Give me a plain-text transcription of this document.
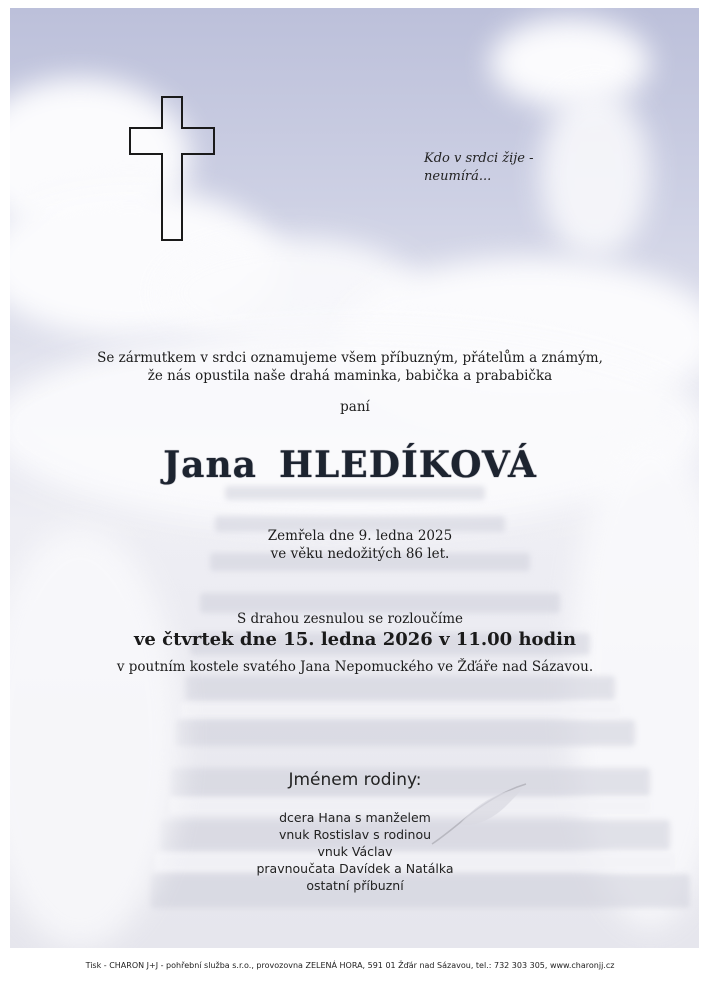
Kdo v srdci žije -
neumírá...
Se zármutkem v srdci oznamujeme všem příbuzným, přátelům a známým,
že nás opustila naše drahá maminka, babička a prababička
paní
Jana HLEDÍKOVÁ
Zemřela dne 9. ledna 2025
ve věku nedožitých 86 let.
S drahou zesnulou se rozloučíme
ve čtvrtek dne 15. ledna 2026 v 11.00 hodin
v poutním kostele svatého Jana Nepomuckého ve Žďáře nad Sázavou.
Jménem rodiny:
dcera Hana s manželem
vnuk Rostislav s rodinou
vnuk Václav
pravnoučata Davídek a Natálka
ostatní příbuzní
Tisk - CHARON J+J - pohřební služba s.r.o., provozovna ZELENÁ HORA, 591 01 Žďár nad Sázavou, tel.: 732 303 305, www.charonjj.cz
